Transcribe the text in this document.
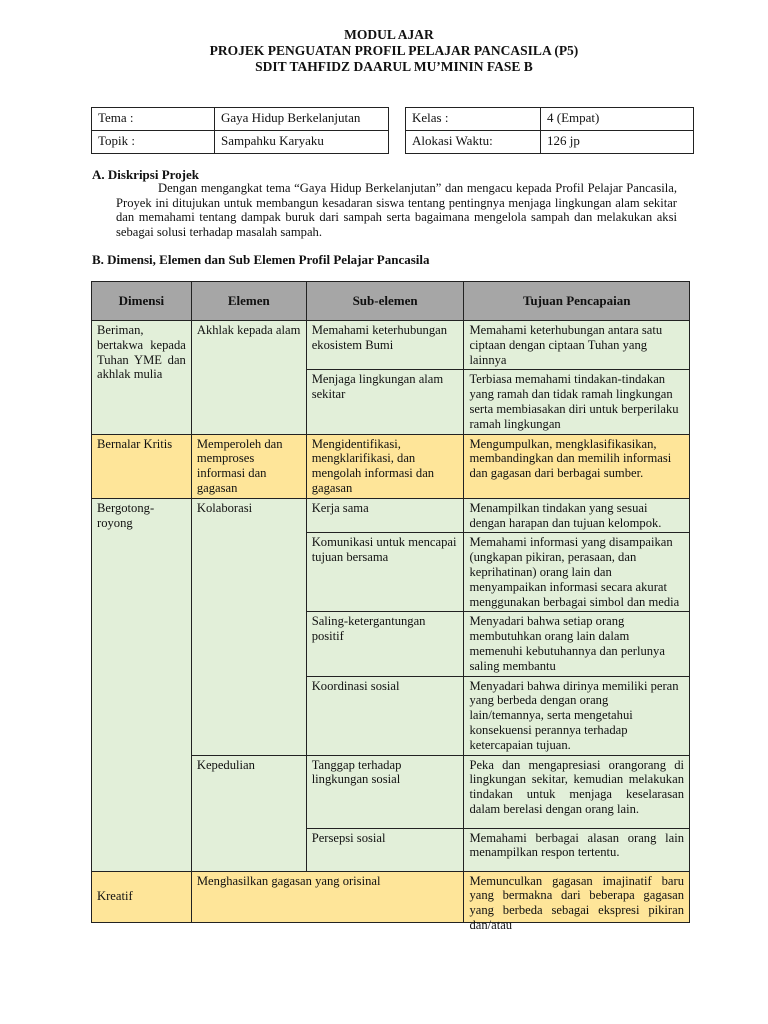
MODUL AJAR
PROJEK PENGUATAN PROFIL PELAJAR PANCASILA (P5)
SDIT TAHFIDZ DAARUL MU’MININ FASE B
Tema :	Gaya Hidup Berkelanjutan
Topik :	Sampahku Karyaku
Kelas :	4 (Empat)
Alokasi Waktu:	126 jp
A. Diskripsi Projek
Dengan mengangkat tema “Gaya Hidup Berkelanjutan” dan mengacu kepada Profil Pelajar Pancasila, Proyek ini ditujukan untuk membangun kesadaran siswa tentang pentingnya menjaga lingkungan alam sekitar dan memahami tentang dampak buruk dari sampah serta bagaimana mengelola sampah dan melakukan aksi sebagai solusi terhadap masalah sampah.
B. Dimensi, Elemen dan Sub Elemen Profil Pelajar Pancasila
Dimensi	Elemen	Sub-elemen	Tujuan Pencapaian
Beriman, bertakwa kepada Tuhan YME dan akhlak mulia	Akhlak kepada alam	Memahami keterhubungan ekosistem Bumi	Memahami keterhubungan antara satu ciptaan dengan ciptaan Tuhan yang lainnya
		Menjaga lingkungan alam sekitar	Terbiasa memahami tindakan-tindakan yang ramah dan tidak ramah lingkungan serta membiasakan diri untuk berperilaku ramah lingkungan
Bernalar Kritis	Memperoleh dan memproses informasi dan gagasan	Mengidentifikasi, mengklarifikasi, dan mengolah informasi dan gagasan	Mengumpulkan, mengklasifikasikan, membandingkan dan memilih informasi dan gagasan dari berbagai sumber.
Bergotong-royong	Kolaborasi	Kerja sama	Menampilkan tindakan yang sesuai dengan harapan dan tujuan kelompok.
		Komunikasi untuk mencapai tujuan bersama	Memahami informasi yang disampaikan (ungkapan pikiran, perasaan, dan keprihatinan) orang lain dan menyampaikan informasi secara akurat menggunakan berbagai simbol dan media
		Saling-ketergantungan positif	Menyadari bahwa setiap orang membutuhkan orang lain dalam memenuhi kebutuhannya dan perlunya saling membantu
		Koordinasi sosial	Menyadari bahwa dirinya memiliki peran yang berbeda dengan orang lain/temannya, serta mengetahui konsekuensi perannya terhadap ketercapaian tujuan.
	Kepedulian	Tanggap terhadap lingkungan sosial	Peka dan mengapresiasi orangorang di lingkungan sekitar, kemudian melakukan tindakan untuk menjaga keselarasan dalam berelasi dengan orang lain.
		Persepsi sosial	Memahami berbagai alasan orang lain menampilkan respon tertentu.
Kreatif	Menghasilkan gagasan yang orisinal		Memunculkan gagasan imajinatif baru yang bermakna dari beberapa gagasan yang berbeda sebagai ekspresi pikiran dan/atau
